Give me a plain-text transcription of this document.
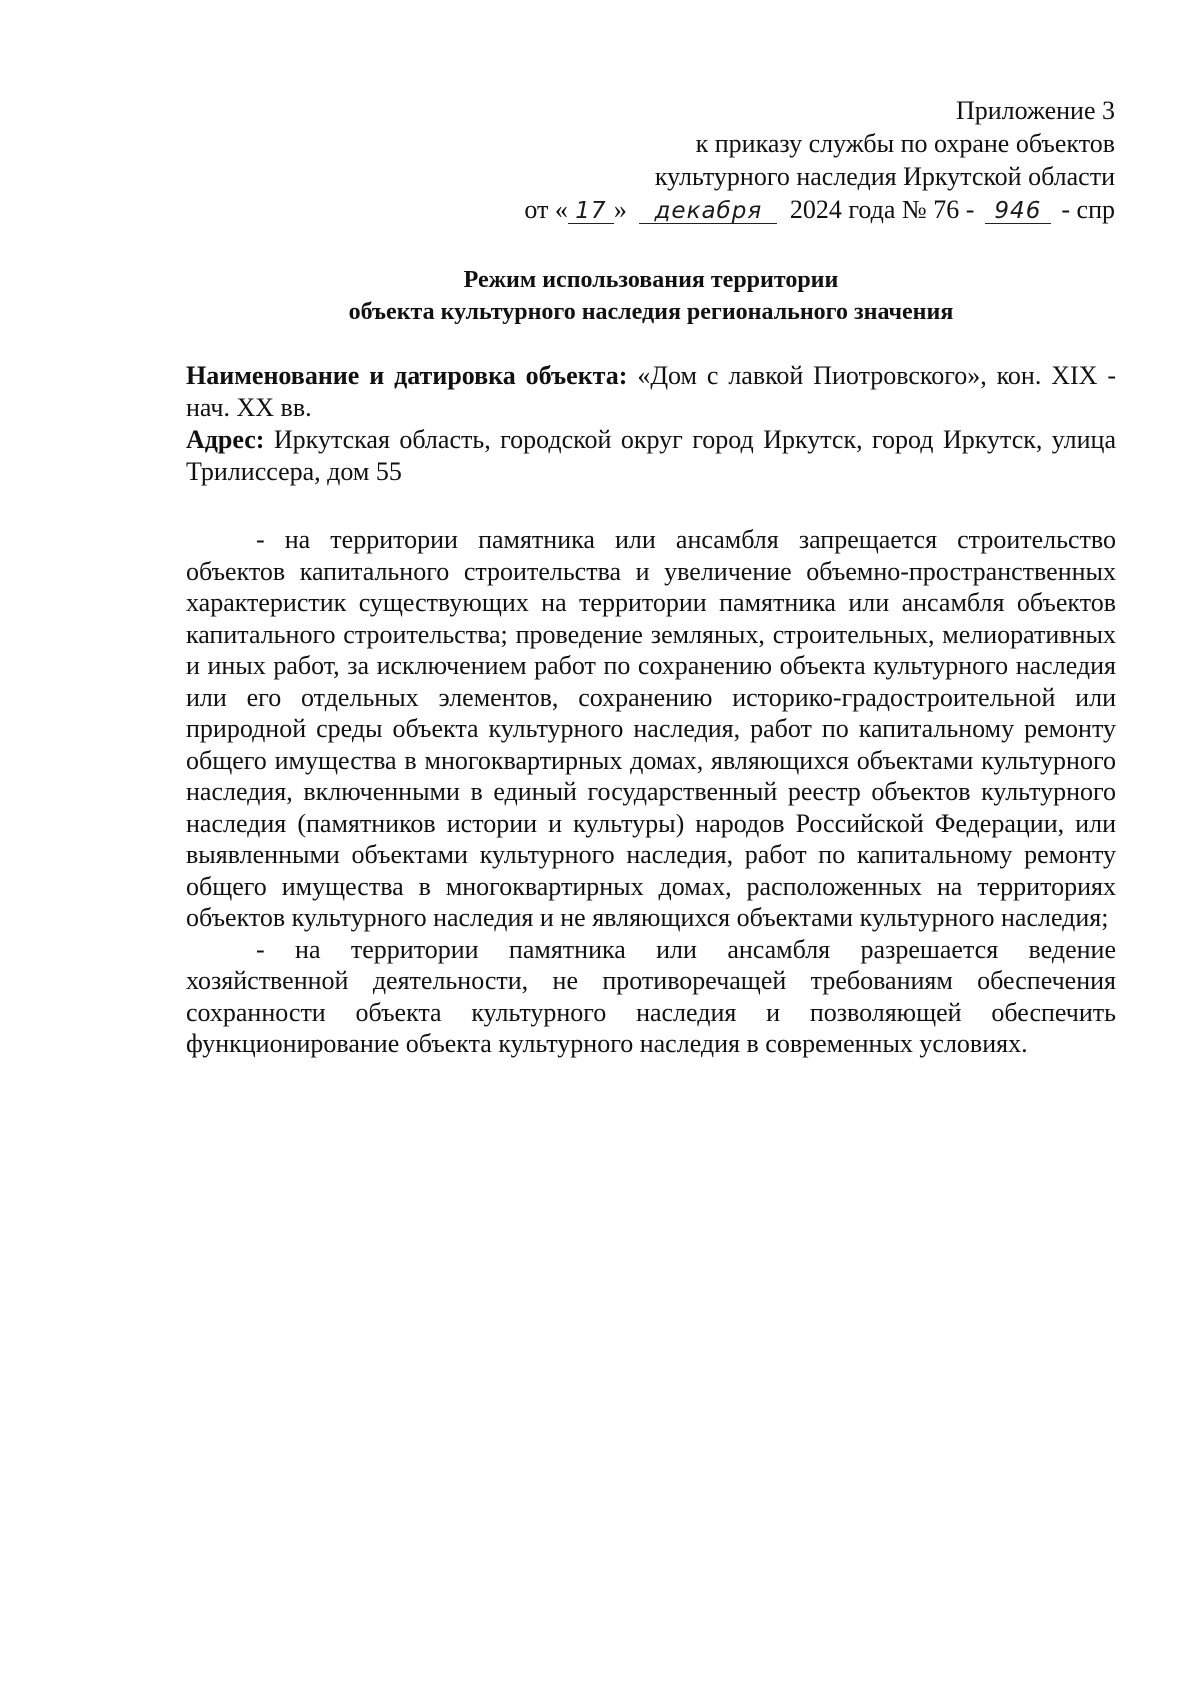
Приложение 3
к приказу службы по охране объектов
культурного наследия Иркутской области
от « 17 » декабря 2024 года № 76 - 946 - спр
Режим использования территории
объекта культурного наследия регионального значения

Наименование и датировка объекта: «Дом с лавкой Пиотровского», кон. XIX - нач. XX вв.

Адрес: Иркутская область, городской округ город Иркутск, город Иркутск, улица Трилиссера, дом 55

- на территории памятника или ансамбля запрещается строительство объектов капитального строительства и увеличение объемно-пространственных характеристик существующих на территории памятника или ансамбля объектов капитального строительства; проведение земляных, строительных, мелиоративных и иных работ, за исключением работ по сохранению объекта культурного наследия или его отдельных элементов, сохранению историко-градостроительной или природной среды объекта культурного наследия, работ по капитальному ремонту общего имущества в многоквартирных домах, являющихся объектами культурного наследия, включенными в единый государственный реестр объектов культурного наследия (памятников истории и культуры) народов Российской Федерации, или выявленными объектами культурного наследия, работ по капитальному ремонту общего имущества в многоквартирных домах, расположенных на территориях объектов культурного наследия и не являющихся объектами культурного наследия;

- на территории памятника или ансамбля разрешается ведение хозяйственной деятельности, не противоречащей требованиям обеспечения сохранности объекта культурного наследия и позволяющей обеспечить функционирование объекта культурного наследия в современных условиях.
